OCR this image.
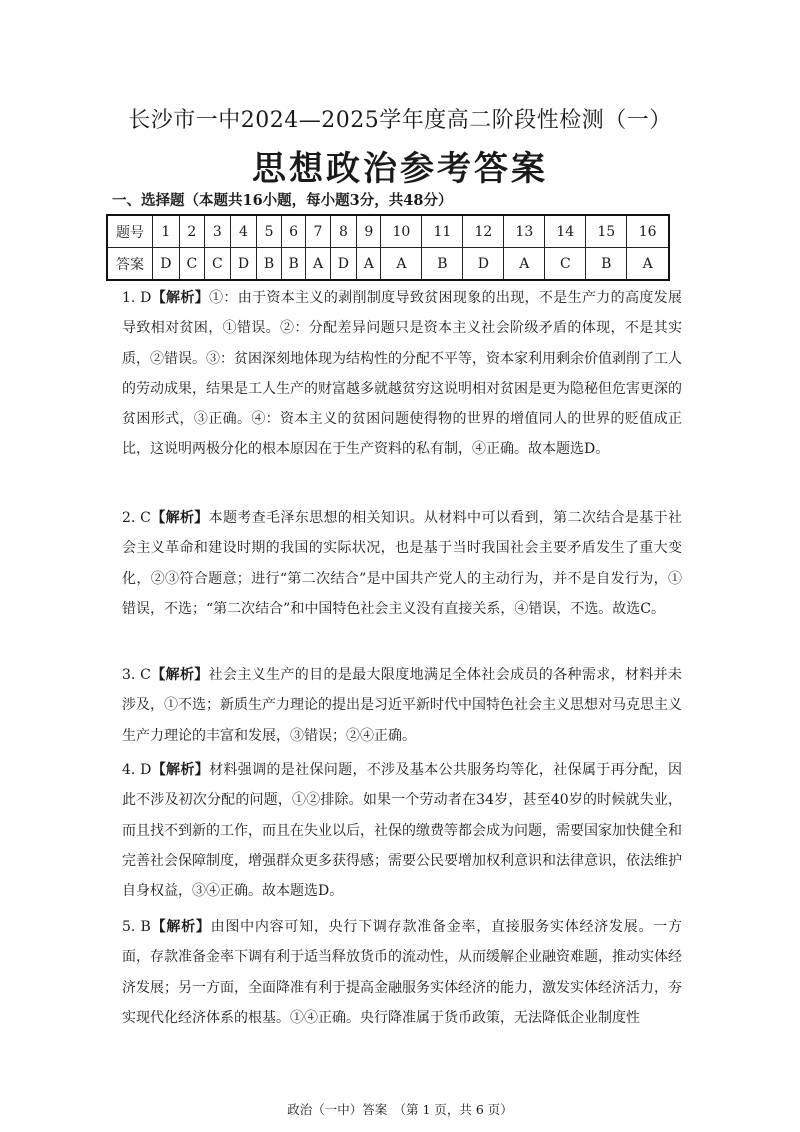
长沙市一中2024—2025学年度高二阶段性检测（一）
思想政治参考答案
一、选择题（本题共16小题，每小题3分，共48分）
题号	1	2	3	4	5	6	7	8	9	10	11	12	13	14	15	16
答案	D	C	C	D	B	B	A	D	A	A	B	D	A	C	B	A
1. D【解析】①：由于资本主义的剥削制度导致贫困现象的出现，不是生产力的高度发展导致相对贫困，①错误。②：分配差异问题只是资本主义社会阶级矛盾的体现，不是其实质，②错误。③：贫困深刻地体现为结构性的分配不平等，资本家利用剩余价值剥削了工人的劳动成果，结果是工人生产的财富越多就越贫穷这说明相对贫困是更为隐秘但危害更深的贫困形式，③正确。④：资本主义的贫困问题使得物的世界的增值同人的世界的贬值成正比，这说明两极分化的根本原因在于生产资料的私有制，④正确。故本题选D。
2. C【解析】本题考查毛泽东思想的相关知识。从材料中可以看到，第二次结合是基于社会主义革命和建设时期的我国的实际状况，也是基于当时我国社会主要矛盾发生了重大变化，②③符合题意；进行“第二次结合”是中国共产党人的主动行为，并不是自发行为，①错误，不选；“第二次结合”和中国特色社会主义没有直接关系，④错误，不选。故选C。
3. C【解析】社会主义生产的目的是最大限度地满足全体社会成员的各种需求，材料并未涉及，①不选；新质生产力理论的提出是习近平新时代中国特色社会主义思想对马克思主义生产力理论的丰富和发展，③错误；②④正确。
4. D【解析】材料强调的是社保问题，不涉及基本公共服务均等化，社保属于再分配，因此不涉及初次分配的问题，①②排除。如果一个劳动者在34岁，甚至40岁的时候就失业，而且找不到新的工作，而且在失业以后，社保的缴费等都会成为问题，需要国家加快健全和完善社会保障制度，增强群众更多获得感；需要公民要增加权利意识和法律意识，依法维护自身权益，③④正确。故本题选D。
5. B【解析】由图中内容可知，央行下调存款准备金率，直接服务实体经济发展。一方面，存款准备金率下调有利于适当释放货币的流动性，从而缓解企业融资难题，推动实体经济发展；另一方面，全面降准有利于提高金融服务实体经济的能力，激发实体经济活力，夯实现代化经济体系的根基。①④正确。央行降准属于货币政策，无法降低企业制度性
政治（一中）答案　（第 1 页，共 6 页）
